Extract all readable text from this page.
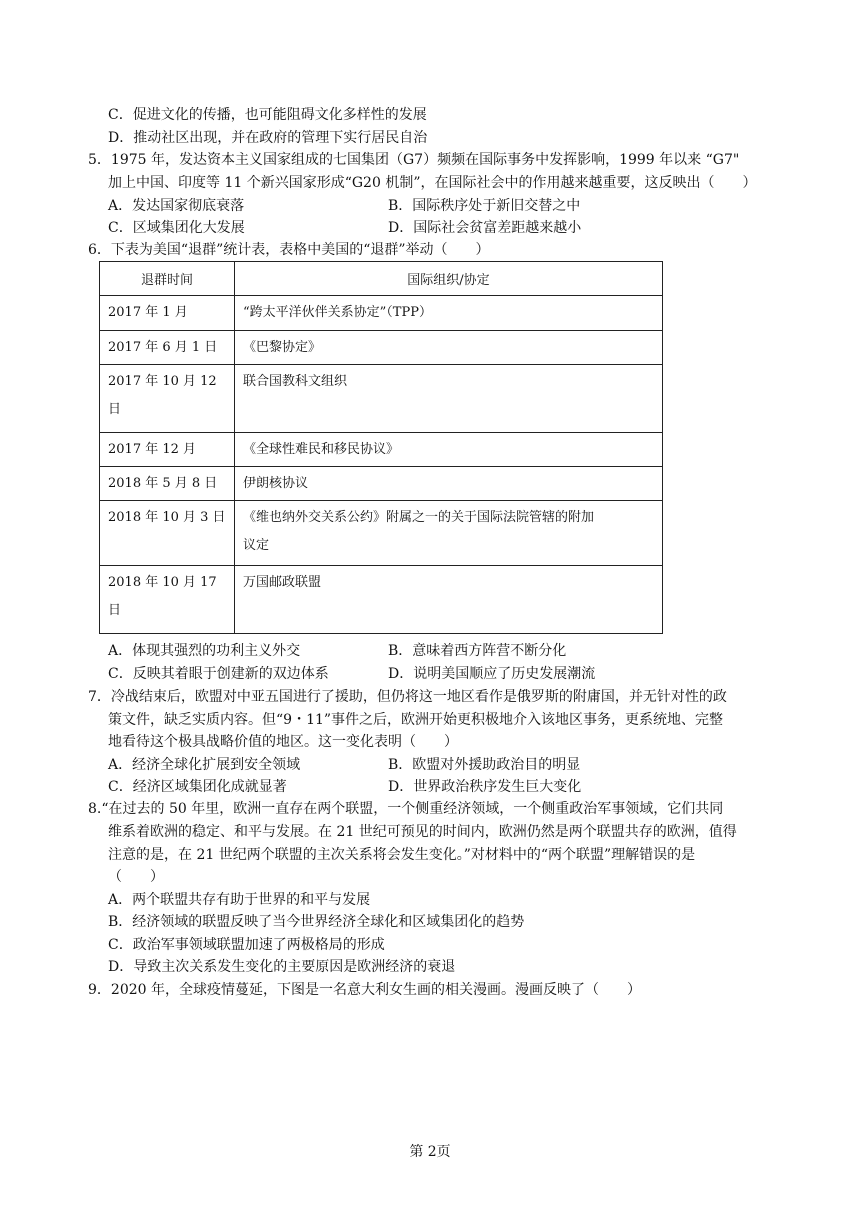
C．促进文化的传播，也可能阻碍文化多样性的发展
D．推动社区出现，并在政府的管理下实行居民自治
5．1975 年，发达资本主义国家组成的七国集团（G7）频频在国际事务中发挥影响，1999 年以来 “G7"
加上中国、印度等 11 个新兴国家形成“G20 机制”，在国际社会中的作用越来越重要，这反映出（　　）
A．发达国家彻底衰落	B．国际秩序处于新旧交替之中
C．区域集团化大发展	D．国际社会贫富差距越来越小
6．下表为美国“退群”统计表，表格中美国的“退群”举动（　　）
退群时间	国际组织/协定

2017 年 1 月	“跨太平洋伙伴关系协定”（TPP）

2017 年 6 月 1 日	《巴黎协定》

2017 年 10 月 12
日	联合国教科文组织

2017 年 12 月	《全球性难民和移民协议》

2018 年 5 月 8 日	伊朗核协议

2018 年 10 月 3 日	《维也纳外交关系公约》附属之一的关于国际法院管辖的附加
议定

2018 年 10 月 17
日	万国邮政联盟
A．体现其强烈的功利主义外交	B．意味着西方阵营不断分化
C．反映其着眼于创建新的双边体系	D．说明美国顺应了历史发展潮流
7．冷战结束后，欧盟对中亚五国进行了援助，但仍将这一地区看作是俄罗斯的附庸国，并无针对性的政
策文件，缺乏实质内容。但“9・11”事件之后，欧洲开始更积极地介入该地区事务，更系统地、完整
地看待这个极具战略价值的地区。这一变化表明（　　）
A．经济全球化扩展到安全领域	B．欧盟对外援助政治目的明显
C．经济区域集团化成就显著	D．世界政治秩序发生巨大变化
8.“在过去的 50 年里，欧洲一直存在两个联盟，一个侧重经济领域，一个侧重政治军事领域，它们共同
维系着欧洲的稳定、和平与发展。在 21 世纪可预见的时间内，欧洲仍然是两个联盟共存的欧洲，值得
注意的是，在 21 世纪两个联盟的主次关系将会发生变化。”对材料中的“两个联盟”理解错误的是
（　　）
A．两个联盟共存有助于世界的和平与发展
B．经济领域的联盟反映了当今世界经济全球化和区域集团化的趋势
C．政治军事领域联盟加速了两极格局的形成
D．导致主次关系发生变化的主要原因是欧洲经济的衰退
9．2020 年，全球疫情蔓延，下图是一名意大利女生画的相关漫画。漫画反映了（　　）
第 2页
